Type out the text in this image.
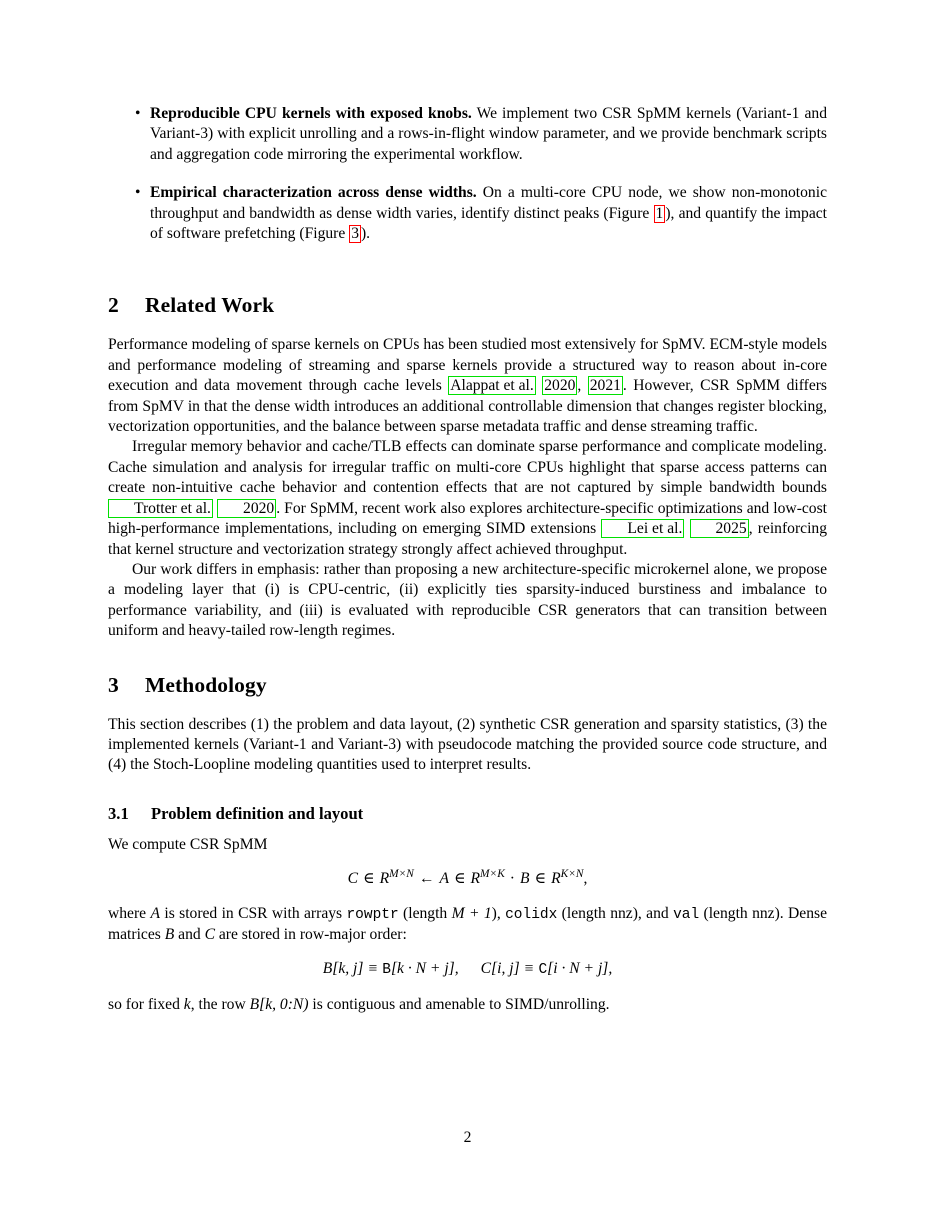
• Reproducible CPU kernels with exposed knobs. We implement two CSR SpMM kernels (Variant-1 and Variant-3) with explicit unrolling and a rows-in-flight window parameter, and we provide benchmark scripts and aggregation code mirroring the experimental workflow.
• Empirical characterization across dense widths. On a multi-core CPU node, we show non-monotonic throughput and bandwidth as dense width varies, identify distinct peaks (Figure 1 ), and quantify the impact of software prefetching (Figure 3 ).
2 Related Work

Performance modeling of sparse kernels on CPUs has been studied most extensively for SpMV. ECM-style models and performance modeling of streaming and sparse kernels provide a structured way to reason about in-core execution and data movement through cache levels Alappat et al. 2020 , 2021 . However, CSR SpMM differs from SpMV in that the dense width introduces an additional controllable dimension that changes register blocking, vectorization opportunities, and the balance between sparse metadata traffic and dense streaming traffic.

Irregular memory behavior and cache/TLB effects can dominate sparse performance and complicate modeling. Cache simulation and analysis for irregular traffic on multi-core CPUs highlight that sparse access patterns can create non-intuitive cache behavior and contention effects that are not captured by simple bandwidth bounds Trotter et al. 2020 . For SpMM, recent work also explores architecture-specific optimizations and low-cost high-performance implementations, including on emerging SIMD extensions Lei et al. 2025 , reinforcing that kernel structure and vectorization strategy strongly affect achieved throughput.

Our work differs in emphasis: rather than proposing a new architecture-specific microkernel alone, we propose a modeling layer that (i) is CPU-centric, (ii) explicitly ties sparsity-induced burstiness and imbalance to performance variability, and (iii) is evaluated with reproducible CSR generators that can transition between uniform and heavy-tailed row-length regimes.

3 Methodology

This section describes (1) the problem and data layout, (2) synthetic CSR generation and sparsity statistics, (3) the implemented kernels (Variant-1 and Variant-3) with pseudocode matching the provided source code structure, and (4) the Stoch-Loopline modeling quantities used to interpret results.

3.1 Problem definition and layout

We compute CSR SpMM

C ∈ $R^{M\times N}$ ← A ∈ $R^{M\times K} \cdot B$ ∈ $R^{K\times N}$,

where A is stored in CSR with arrays rowptr (length M + 1), colidx (length nnz), and val (length nnz). Dense matrices B and C are stored in row-major order:

B[k, j] ≡ B[k · N + j], C[i, j] ≡ C[i · N + j],

so for fixed k, the row B[k, 0:N) is contiguous and amenable to SIMD/unrolling.

2
